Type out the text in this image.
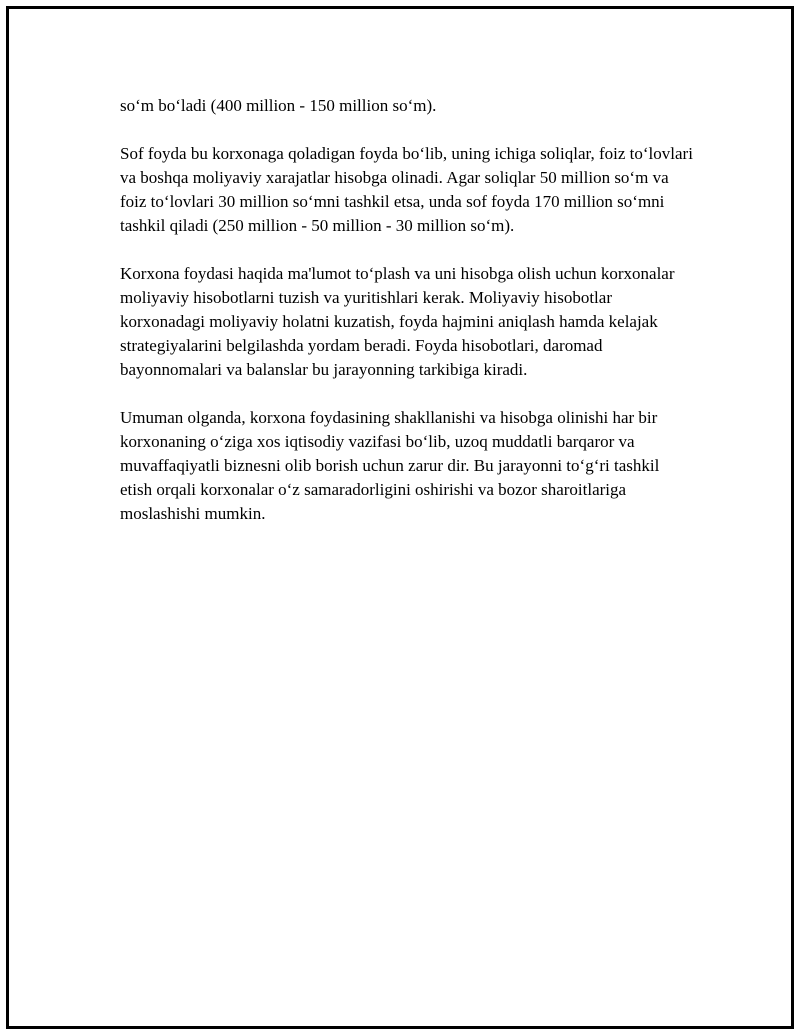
so‘m bo‘ladi (400 million - 150 million so‘m).

Sof foyda bu korxonaga qoladigan foyda bo‘lib, uning ichiga soliqlar, foiz to‘lovlari va boshqa moliyaviy xarajatlar hisobga olinadi. Agar soliqlar 50 million so‘m va foiz to‘lovlari 30 million so‘mni tashkil etsa, unda sof foyda 170 million so‘mni tashkil qiladi (250 million - 50 million - 30 million so‘m).

Korxona foydasi haqida ma'lumot to‘plash va uni hisobga olish uchun korxonalar moliyaviy hisobotlarni tuzish va yuritishlari kerak. Moliyaviy hisobotlar korxonadagi moliyaviy holatni kuzatish, foyda hajmini aniqlash hamda kelajak strategiyalarini belgilashda yordam beradi. Foyda hisobotlari, daromad bayonnomalari va balanslar bu jarayonning tarkibiga kiradi.

Umuman olganda, korxona foydasining shakllanishi va hisobga olinishi har bir korxonaning o‘ziga xos iqtisodiy vazifasi bo‘lib, uzoq muddatli barqaror va muvaffaqiyatli biznesni olib borish uchun zarur dir. Bu jarayonni to‘g‘ri tashkil etish orqali korxonalar o‘z samaradorligini oshirishi va bozor sharoitlariga moslashishi mumkin.
